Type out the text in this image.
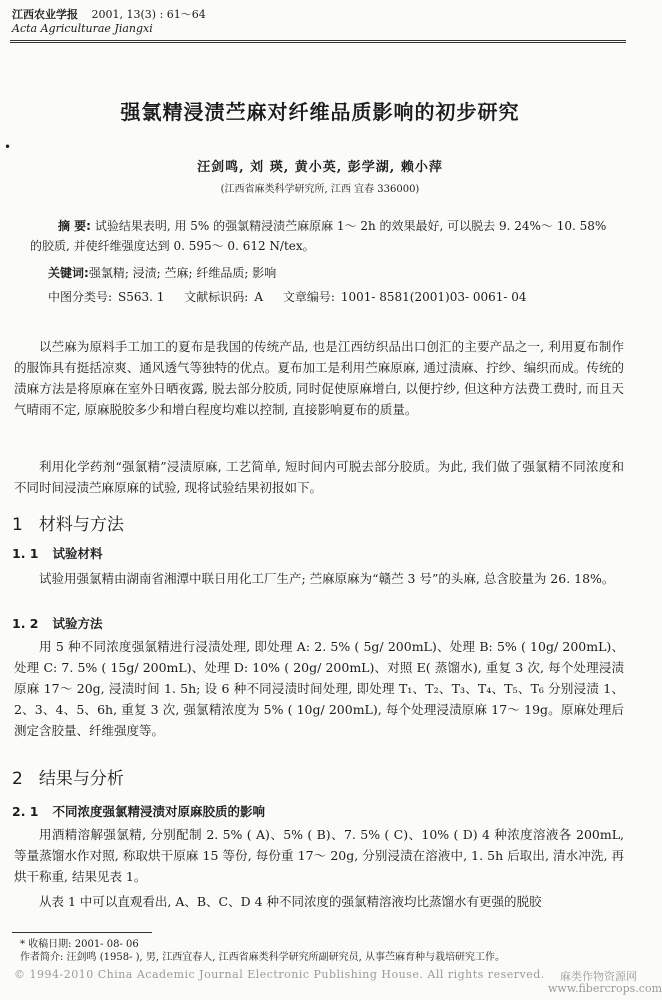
江西农业学报 2001, 13(3) : 61～64
Acta Agriculturae Jiangxi
强氯精浸渍苎麻对纤维品质影响的初步研究
•
汪剑鸣, 刘 瑛, 黄小英, 彭学湖, 赖小萍
(江西省麻类科学研究所, 江西 宜春 336000)
摘 要: 试验结果表明, 用 5% 的强氯精浸渍苎麻原麻 1～ 2h 的效果最好, 可以脱去 9. 24%～ 10. 58% 的胶质, 并使纤维强度达到 0. 595～ 0. 612 N/tex。
关键词:强氯精; 浸渍; 苎麻; 纤维品质; 影响
中图分类号: S563. 1 文献标识码: A 文章编号: 1001- 8581(2001)03- 0061- 04
以苎麻为原料手工加工的夏布是我国的传统产品, 也是江西纺织品出口创汇的主要产品之一, 利用夏布制作的服饰具有挺括凉爽、通风透气等独特的优点。夏布加工是利用苎麻原麻, 通过渍麻、拧纱、编织而成。传统的渍麻方法是将原麻在室外日晒夜露, 脱去部分胶质, 同时促使原麻增白, 以便拧纱, 但这种方法费工费时, 而且天气晴雨不定, 原麻脱胶多少和增白程度均难以控制, 直接影响夏布的质量。
利用化学药剂“强氯精”浸渍原麻, 工艺简单, 短时间内可脱去部分胶质。为此, 我们做了强氯精不同浓度和不同时间浸渍苎麻原麻的试验, 现将试验结果初报如下。
1 材料与方法
1. 1 试验材料
试验用强氯精由湖南省湘潭中联日用化工厂生产; 苎麻原麻为“赣苎 3 号”的头麻, 总含胶量为 26. 18%。
1. 2 试验方法
用 5 种不同浓度强氯精进行浸渍处理, 即处理 A: 2. 5% ( 5g/ 200mL)、处理 B: 5% ( 10g/ 200mL)、处理 C: 7. 5% ( 15g/ 200mL)、处理 D: 10% ( 20g/ 200mL)、对照 E( 蒸馏水), 重复 3 次, 每个处理浸渍原麻 17～ 20g, 浸渍时间 1. 5h; 设 6 种不同浸渍时间处理, 即处理 T₁、T₂、T₃、T₄、T₅、T₆ 分别浸渍 1、2、3、4、5、6h, 重复 3 次, 强氯精浓度为 5% ( 10g/ 200mL), 每个处理浸渍原麻 17～ 19g。原麻处理后测定含胶量、纤维强度等。
2 结果与分析
2. 1 不同浓度强氯精浸渍对原麻胶质的影响
用酒精溶解强氯精, 分别配制 2. 5% ( A)、5% ( B)、7. 5% ( C)、10% ( D) 4 种浓度溶液各 200mL, 等量蒸馏水作对照, 称取烘干原麻 15 等份, 每份重 17～ 20g, 分别浸渍在溶液中, 1. 5h 后取出, 清水冲洗, 再烘干称重, 结果见表 1。
从表 1 中可以直观看出, A、B、C、D 4 种不同浓度的强氯精溶液均比蒸馏水有更强的脱胶
* 收稿日期: 2001- 08- 06
作者简介: 汪剑鸣 (1958- ), 男, 江西宜春人, 江西省麻类科学研究所副研究员, 从事苎麻育种与栽培研究工作。
© 1994-2010 China Academic Journal Electronic Publishing House. All rights reserved. 麻类作物资源网
www.fibercrops.com
